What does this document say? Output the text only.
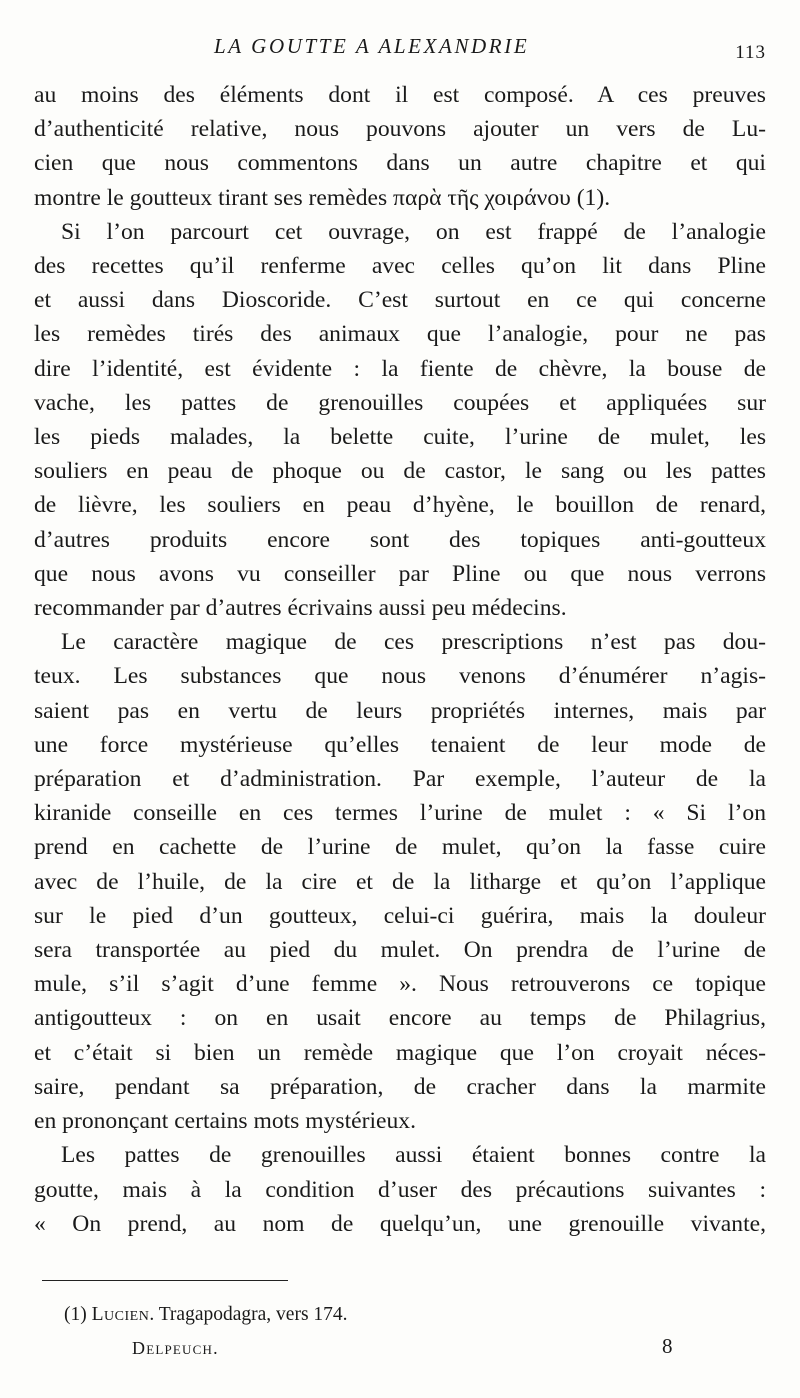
LA GOUTTE A ALEXANDRIE	113

au moins des éléments dont il est composé. A ces preuves

d’authenticité relative, nous pouvons ajouter un vers de Lu-

cien que nous commentons dans un autre chapitre et qui

montre le goutteux tirant ses remèdes παρὰ τῆς χοιράνου (1).

Si l’on parcourt cet ouvrage, on est frappé de l’analogie

des recettes qu’il renferme avec celles qu’on lit dans Pline

et aussi dans Dioscoride. C’est surtout en ce qui concerne

les remèdes tirés des animaux que l’analogie, pour ne pas

dire l’identité, est évidente : la fiente de chèvre, la bouse de

vache, les pattes de grenouilles coupées et appliquées sur

les pieds malades, la belette cuite, l’urine de mulet, les

souliers en peau de phoque ou de castor, le sang ou les pattes

de lièvre, les souliers en peau d’hyène, le bouillon de renard,

d’autres produits encore sont des topiques anti-goutteux

que nous avons vu conseiller par Pline ou que nous verrons

recommander par d’autres écrivains aussi peu médecins.

Le caractère magique de ces prescriptions n’est pas dou-

teux. Les substances que nous venons d’énumérer n’agis-

saient pas en vertu de leurs propriétés internes, mais par

une force mystérieuse qu’elles tenaient de leur mode de

préparation et d’administration. Par exemple, l’auteur de la

kiranide conseille en ces termes l’urine de mulet : « Si l’on

prend en cachette de l’urine de mulet, qu’on la fasse cuire

avec de l’huile, de la cire et de la litharge et qu’on l’applique

sur le pied d’un goutteux, celui-ci guérira, mais la douleur

sera transportée au pied du mulet. On prendra de l’urine de

mule, s’il s’agit d’une femme ». Nous retrouverons ce topique

antigoutteux : on en usait encore au temps de Philagrius,

et c’était si bien un remède magique que l’on croyait néces-

saire, pendant sa préparation, de cracher dans la marmite

en prononçant certains mots mystérieux.

Les pattes de grenouilles aussi étaient bonnes contre la

goutte, mais à la condition d’user des précautions suivantes :

« On prend, au nom de quelqu’un, une grenouille vivante,

(1) Lucien. Tragapodagra, vers 174.
Delpeuch.	8
